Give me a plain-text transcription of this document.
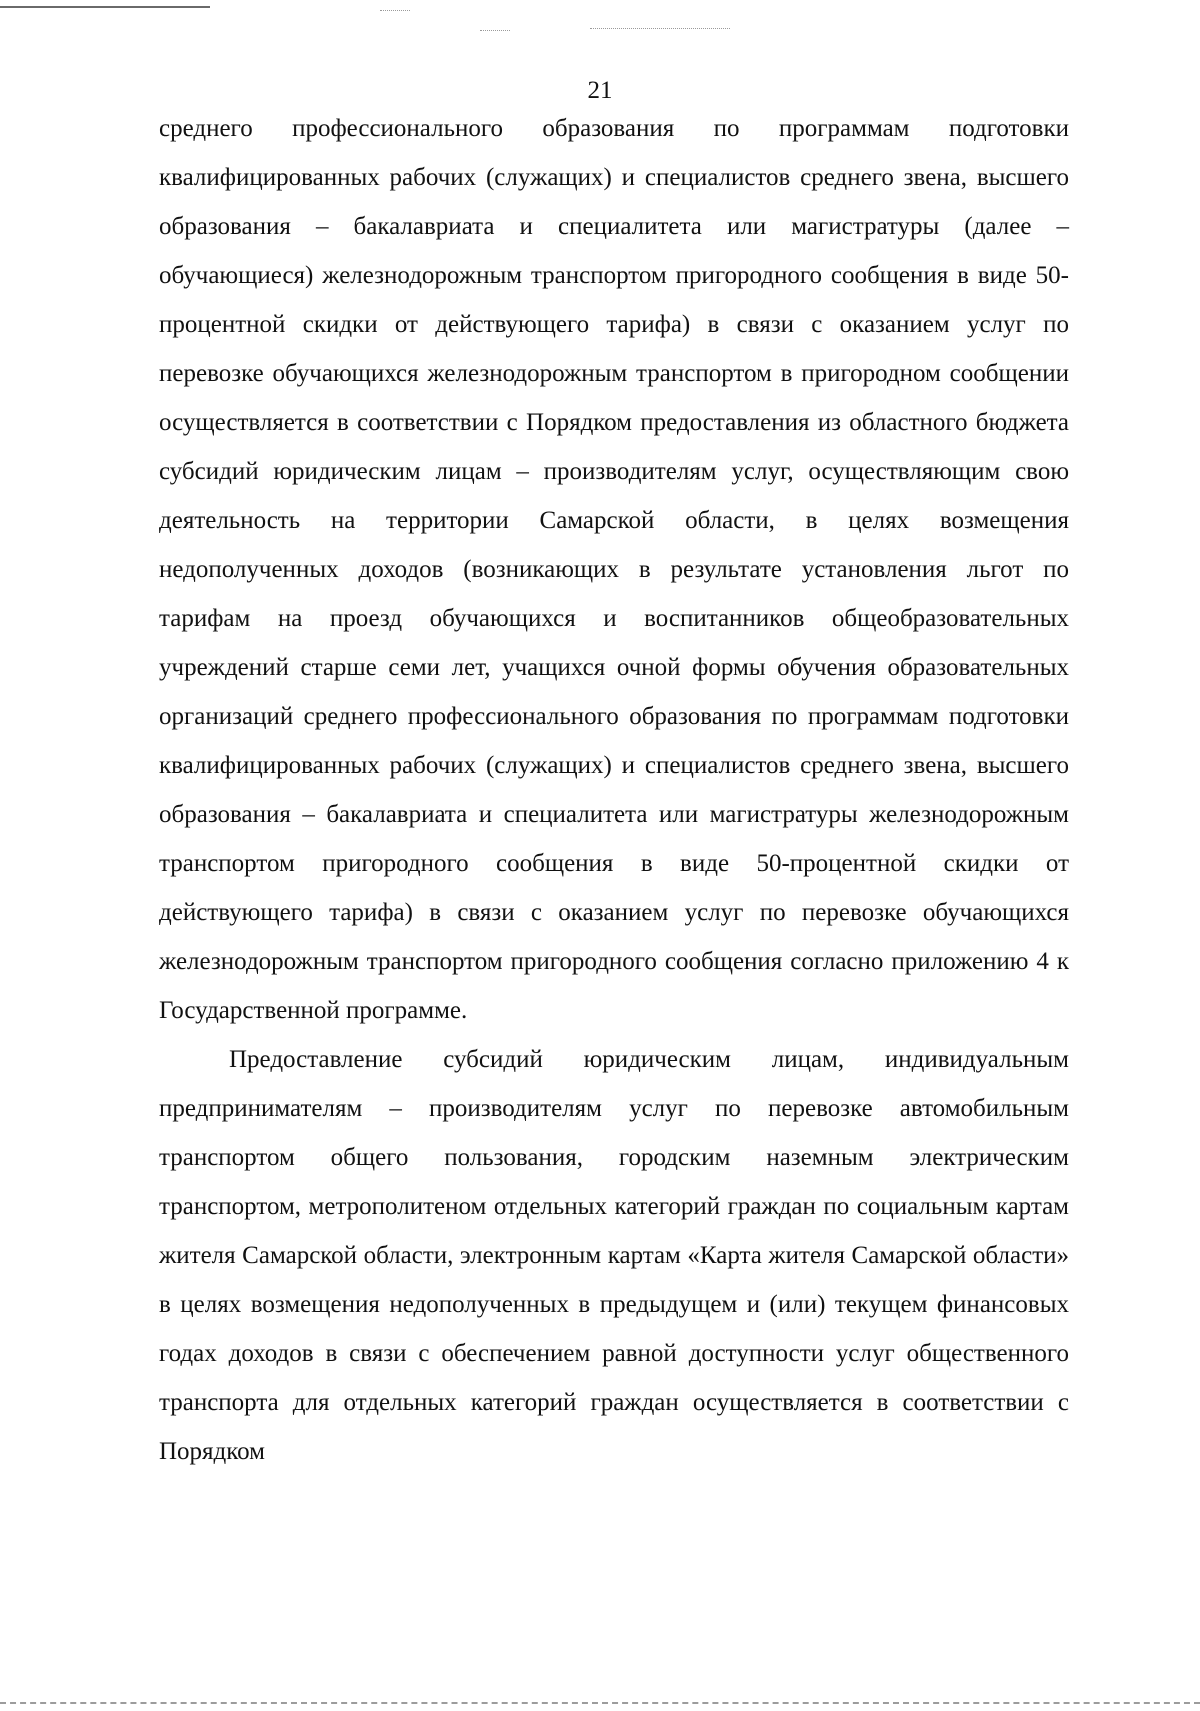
21

среднего профессионального образования по программам подготовки квалифицированных рабочих (служащих) и специалистов среднего звена, высшего образования – бакалавриата и специалитета или магистратуры (далее – обучающиеся) железнодорожным транспортом пригородного сообщения в виде 50-процентной скидки от действующего тарифа) в связи с оказанием услуг по перевозке обучающихся железнодорожным транспортом в пригородном сообщении осуществляется в соответствии с Порядком предоставления из областного бюджета субсидий юридическим лицам – производителям услуг, осуществляющим свою деятельность на территории Самарской области, в целях возмещения недополученных доходов (возникающих в результате установления льгот по тарифам на проезд обучающихся и воспитанников общеобразовательных учреждений старше семи лет, учащихся очной формы обучения образовательных организаций среднего профессионального образования по программам подготовки квалифицированных рабочих (служащих) и специалистов среднего звена, высшего образования – бакалавриата и специалитета или магистратуры железнодорожным транспортом пригородного сообщения в виде 50-процентной скидки от действующего тарифа) в связи с оказанием услуг по перевозке обучающихся железнодорожным транспортом пригородного сообщения согласно приложению 4 к Государственной программе.

Предоставление субсидий юридическим лицам, индивидуальным предпринимателям – производителям услуг по перевозке автомобильным транспортом общего пользования, городским наземным электрическим транспортом, метрополитеном отдельных категорий граждан по социальным картам жителя Самарской области, электронным картам «Карта жителя Самарской области» в целях возмещения недополученных в предыдущем и (или) текущем финансовых годах доходов в связи с обеспечением равной доступности услуг общественного транспорта для отдельных категорий граждан осуществляется в соответствии с Порядком
